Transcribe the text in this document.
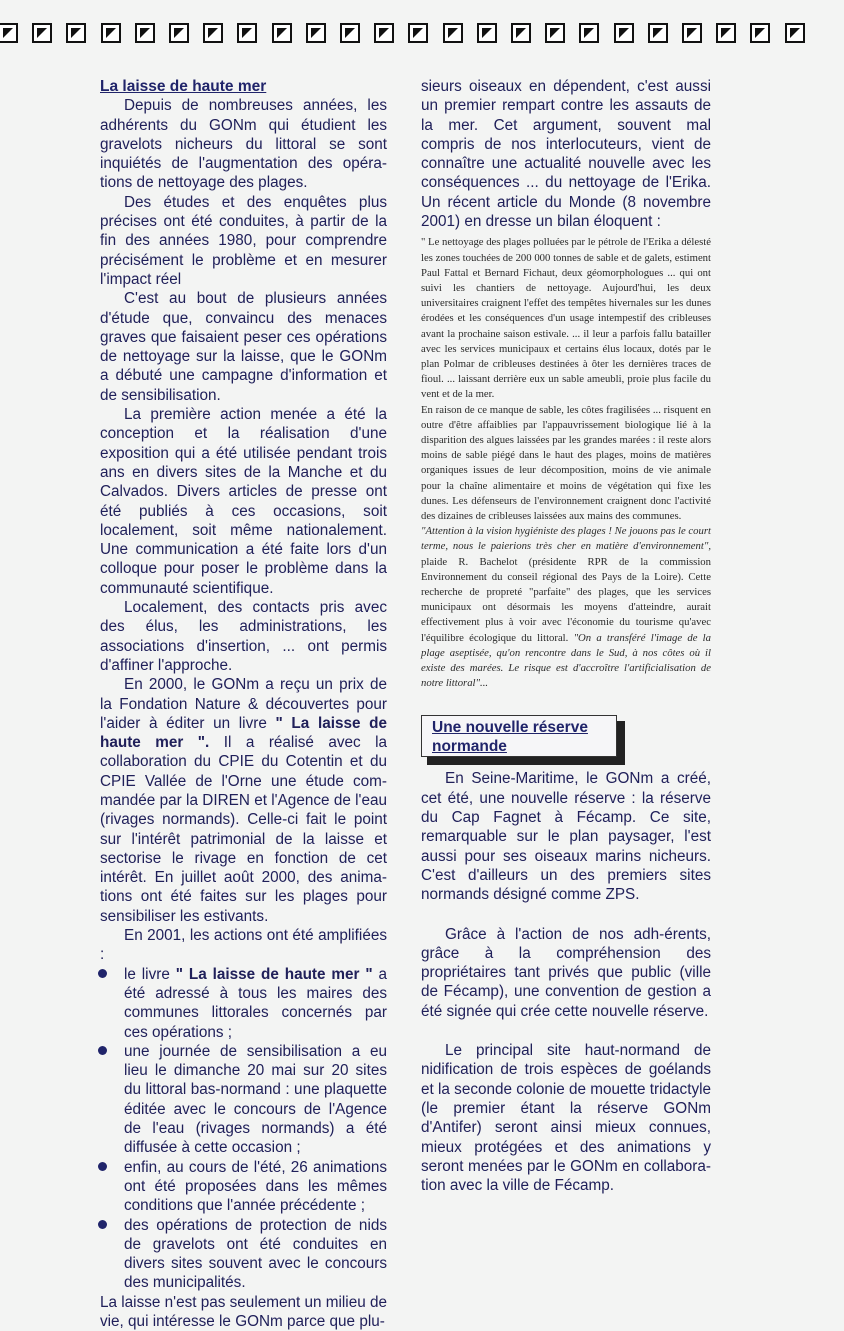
La laisse de haute mer

Depuis de nombreuses années, les adhérents du GONm qui étudient les gravelots nicheurs du littoral se sont inquiétés de l'augmentation des opéra-tions de nettoyage des plages.

Des études et des enquêtes plus précises ont été conduites, à partir de la fin des années 1980, pour comprendre précisément le problème et en mesurer l'impact réel

C'est au bout de plusieurs années d'étude que, convaincu des menaces graves que faisaient peser ces opérations de nettoyage sur la laisse, que le GONm a débuté une campagne d'information et de sensibilisation.

La première action menée a été la conception et la réalisation d'une exposition qui a été utilisée pendant trois ans en divers sites de la Manche et du Calvados. Divers articles de presse ont été publiés à ces occasions, soit localement, soit même nationalement. Une communication a été faite lors d'un colloque pour poser le problème dans la communauté scientifique.

Localement, des contacts pris avec des élus, les administrations, les associations d'insertion, ... ont permis d'affiner l'approche.

En 2000, le GONm a reçu un prix de la Fondation Nature & découvertes pour l'aider à éditer un livre " La laisse de haute mer ". Il a réalisé avec la collaboration du CPIE du Cotentin et du CPIE Vallée de l'Orne une étude com-mandée par la DIREN et l'Agence de l'eau (rivages normands). Celle-ci fait le point sur l'intérêt patrimonial de la laisse et sectorise le rivage en fonction de cet intérêt. En juillet août 2000, des anima-tions ont été faites sur les plages pour sensibiliser les estivants.

En 2001, les actions ont été amplifiées :

le livre " La laisse de haute mer " a été adressé à tous les maires des communes littorales concernés par ces opérations ;
une journée de sensibilisation a eu lieu le dimanche 20 mai sur 20 sites du littoral bas-normand : une plaquette éditée avec le concours de l'Agence de l'eau (rivages normands) a été diffusée à cette occasion ;
enfin, au cours de l'été, 26 animations ont été proposées dans les mêmes conditions que l'année précédente ;
des opérations de protection de nids de gravelots ont été conduites en divers sites souvent avec le concours des municipalités.

La laisse n'est pas seulement un milieu de vie, qui intéresse le GONm parce que plu-

sieurs oiseaux en dépendent, c'est aussi un premier rempart contre les assauts de la mer. Cet argument, souvent mal compris de nos interlocuteurs, vient de connaître une actualité nouvelle avec les conséquences ... du nettoyage de l'Erika. Un récent article du Monde (8 novembre 2001) en dresse un bilan éloquent :

" Le nettoyage des plages polluées par le pétrole de l'Erika a délesté les zones touchées de 200 000 tonnes de sable et de galets, estiment Paul Fattal et Bernard Fichaut, deux géomorphologues ... qui ont suivi les chantiers de nettoyage. Aujourd'hui, les deux universitaires craignent l'effet des tempêtes hivernales sur les dunes érodées et les conséquences d'un usage intempestif des cribleuses avant la prochaine saison estivale. ... il leur a parfois fallu batailler avec les services municipaux et certains élus locaux, dotés par le plan Polmar de cribleuses destinées à ôter les dernières traces de fioul. ... laissant derrière eux un sable ameubli, proie plus facile du vent et de la mer.

En raison de ce manque de sable, les côtes fragilisées ... risquent en outre d'être affaiblies par l'appauvrissement biologique lié à la disparition des algues laissées par les grandes marées : il reste alors moins de sable piégé dans le haut des plages, moins de matières organiques issues de leur décomposition, moins de vie animale pour la chaîne alimentaire et moins de végétation qui fixe les dunes. Les défenseurs de l'environnement craignent donc l'activité des dizaines de cribleuses laissées aux mains des communes.

"Attention à la vision hygiéniste des plages ! Ne jouons pas le court terme, nous le paierions très cher en matière d'environnement", plaide R. Bachelot (présidente RPR de la commission Environnement du conseil régional des Pays de la Loire). Cette recherche de propreté "parfaite" des plages, que les services municipaux ont désormais les moyens d'atteindre, aurait effectivement plus à voir avec l'économie du tourisme qu'avec l'équilibre écologique du littoral. "On a transféré l'image de la plage aseptisée, qu'on rencontre dans le Sud, à nos côtes où il existe des marées. Le risque est d'accroître l'artificialisation de notre littoral"...

Une nouvelle réserve
normande

En Seine-Maritime, le GONm a créé, cet été, une nouvelle réserve : la réserve du Cap Fagnet à Fécamp. Ce site, remarquable sur le plan paysager, l'est aussi pour ses oiseaux marins nicheurs. C'est d'ailleurs un des premiers sites normands désigné comme ZPS.

Grâce à l'action de nos adh-érents, grâce à la compréhension des propriétaires tant privés que public (ville de Fécamp), une convention de gestion a été signée qui crée cette nouvelle réserve.

Le principal site haut-normand de nidification de trois espèces de goélands et la seconde colonie de mouette tridactyle (le premier étant la réserve GONm d'Antifer) seront ainsi mieux connues, mieux protégées et des animations y seront menées par le GONm en collabora-tion avec la ville de Fécamp.
